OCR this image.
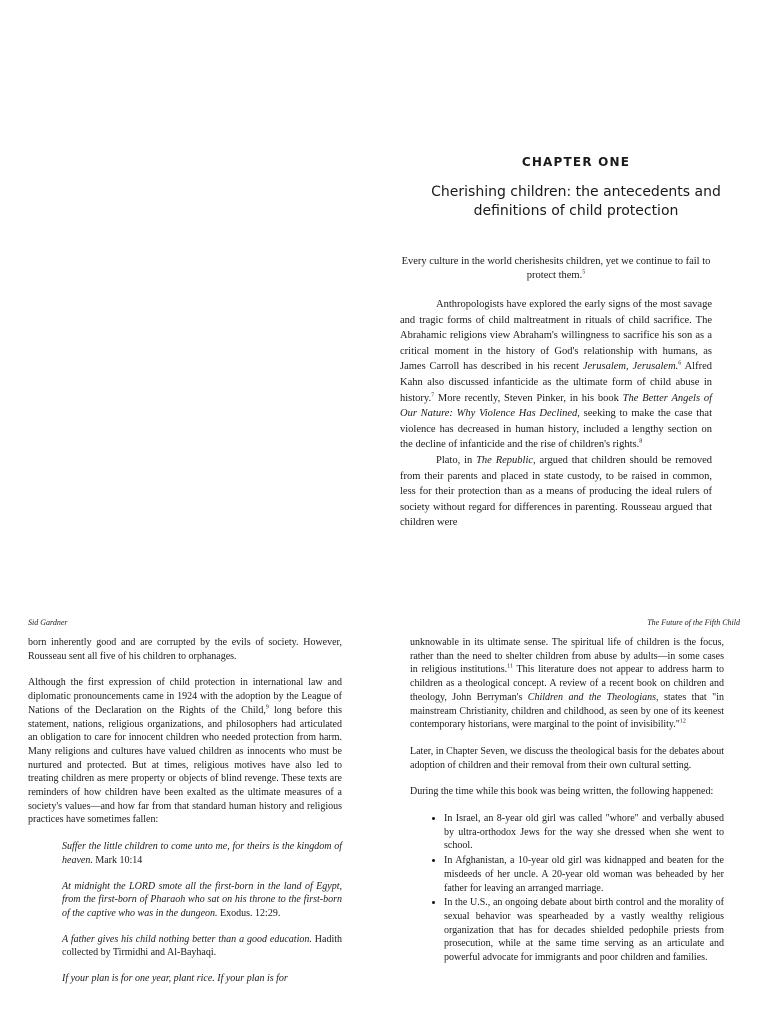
CHAPTER ONE
Cherishing children: the antecedents and definitions of child protection
Every culture in the world cherishesits children, yet we continue to fail to protect them.$^5$

Anthropologists have explored the early signs of the most savage and tragic forms of child maltreatment in rituals of child sacrifice. The Abrahamic religions view Abraham's willingness to sacrifice his son as a critical moment in the history of God's relationship with humans, as James Carroll has described in his recent Jerusalem, Jerusalem.$^6$ Alfred Kahn also discussed infanticide as the ultimate form of child abuse in history.$^7$ More recently, Steven Pinker, in his book The Better Angels of Our Nature: Why Violence Has Declined, seeking to make the case that violence has decreased in human history, included a lengthy section on the decline of infanticide and the rise of children's rights.$^8$

Plato, in The Republic, argued that children should be removed from their parents and placed in state custody, to be raised in common, less for their protection than as a means of producing the ideal rulers of society without regard for differences in parenting. Rousseau argued that children were

Sid Gardner

born inherently good and are corrupted by the evils of society. However, Rousseau sent all five of his children to orphanages.

Although the first expression of child protection in international law and diplomatic pronouncements came in 1924 with the adoption by the League of Nations of the Declaration on the Rights of the Child,$^9$ long before this statement, nations, religious organizations, and philosophers had articulated an obligation to care for innocent children who needed protection from harm. Many religions and cultures have valued children as innocents who must be nurtured and protected. But at times, religious motives have also led to treating children as mere property or objects of blind revenge. These texts are reminders of how children have been exalted as the ultimate measures of a society's values—and how far from that standard human history and religious practices have sometimes fallen:

Suffer the little children to come unto me, for theirs is the kingdom of heaven. Mark 10:14
At midnight the LORD smote all the first-born in the land of Egypt, from the first-born of Pharaoh who sat on his throne to the first-born of the captive who was in the dungeon. Exodus. 12:29.
A father gives his child nothing better than a good education. Hadith collected by Tirmidhi and Al-Bayhaqi.
If your plan is for one year, plant rice. If your plan is for
The Future of the Fifth Child

unknowable in its ultimate sense. The spiritual life of children is the focus, rather than the need to shelter children from abuse by adults—in some cases in religious institutions.$^{11}$ This literature does not appear to address harm to children as a theological concept. A review of a recent book on children and theology, John Berryman's Children and the Theologians, states that "in mainstream Christianity, children and childhood, as seen by one of its keenest contemporary historians, were marginal to the point of invisibility."$^{12}$

Later, in Chapter Seven, we discuss the theological basis for the debates about adoption of children and their removal from their own cultural setting.

During the time while this book was being written, the following happened:

• In Israel, an 8-year old girl was called "whore" and verbally abused by ultra-orthodox Jews for the way she dressed when she went to school.
• In Afghanistan, a 10-year old girl was kidnapped and beaten for the misdeeds of her uncle. A 20-year old woman was beheaded by her father for leaving an arranged marriage.
• In the U.S., an ongoing debate about birth control and the morality of sexual behavior was spearheaded by a vastly wealthy religious organization that has for decades shielded pedophile priests from prosecution, while at the same time serving as an articulate and powerful advocate for immigrants and poor children and families.
